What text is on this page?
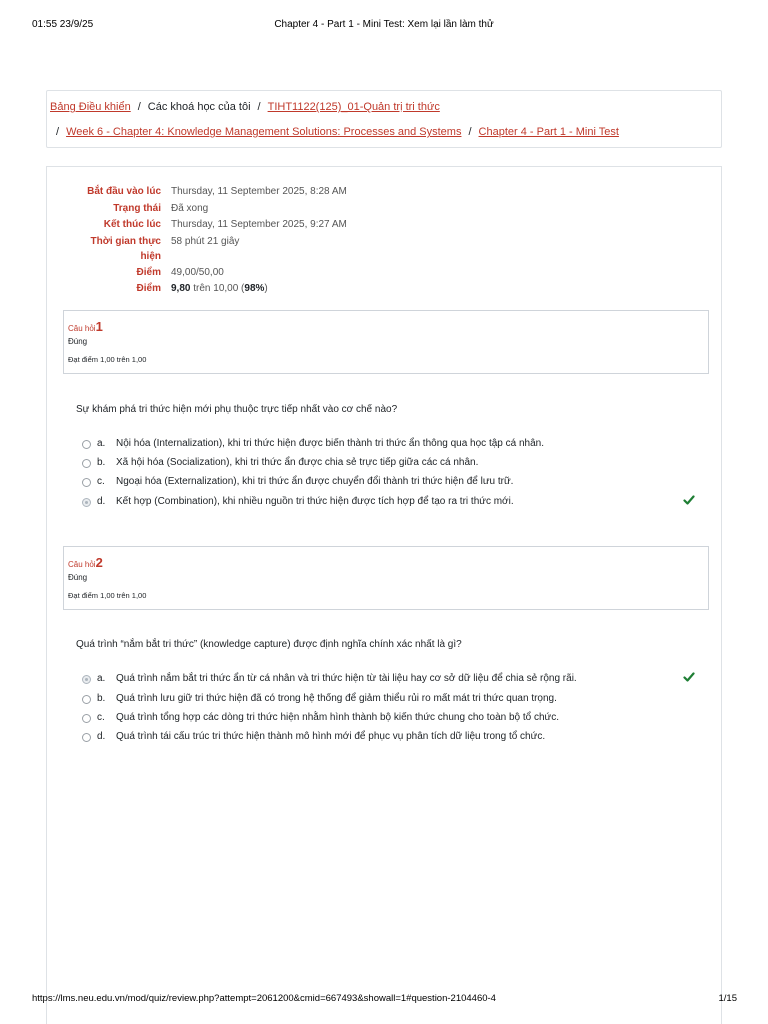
01:55 23/9/25	Chapter 4 - Part 1 - Mini Test: Xem lại lần làm thử
Bảng Điều khiển / Các khoá học của tôi / TIHT1122(125)_01-Quản trị tri thức
/ Week 6 - Chapter 4: Knowledge Management Solutions: Processes and Systems / Chapter 4 - Part 1 - Mini Test
Bắt đầu vào lúc Thursday, 11 September 2025, 8:28 AM
Trạng thái Đã xong
Kết thúc lúc Thursday, 11 September 2025, 9:27 AM
Thời gian thực hiện
58 phút 21 giây
Điểm 49,00/50,00
Điểm 9,80 trên 10,00 (98%)
Câu hỏi1
Đúng
Đạt điểm 1,00 trên 1,00
Sự khám phá tri thức hiện mới phụ thuộc trực tiếp nhất vào cơ chế nào?
a. Nội hóa (Internalization), khi tri thức hiện được biến thành tri thức ẩn thông qua học tập cá nhân.
b. Xã hội hóa (Socialization), khi tri thức ẩn được chia sẻ trực tiếp giữa các cá nhân.
c. Ngoại hóa (Externalization), khi tri thức ẩn được chuyển đổi thành tri thức hiện để lưu trữ.
d. Kết hợp (Combination), khi nhiều nguồn tri thức hiện được tích hợp để tạo ra tri thức mới.
Câu hỏi2
Đúng
Đạt điểm 1,00 trên 1,00
Quá trình “nắm bắt tri thức” (knowledge capture) được định nghĩa chính xác nhất là gì?
a. Quá trình nắm bắt tri thức ẩn từ cá nhân và tri thức hiện từ tài liệu hay cơ sở dữ liệu để chia sẻ rộng rãi.
b. Quá trình lưu giữ tri thức hiện đã có trong hệ thống để giảm thiểu rủi ro mất mát tri thức quan trọng.
c. Quá trình tổng hợp các dòng tri thức hiện nhằm hình thành bộ kiến thức chung cho toàn bộ tổ chức.
d. Quá trình tái cấu trúc tri thức hiện thành mô hình mới để phục vụ phân tích dữ liệu trong tổ chức.
https://lms.neu.edu.vn/mod/quiz/review.php?attempt=2061200&cmid=667493&showall=1#question-2104460-4	1/15
